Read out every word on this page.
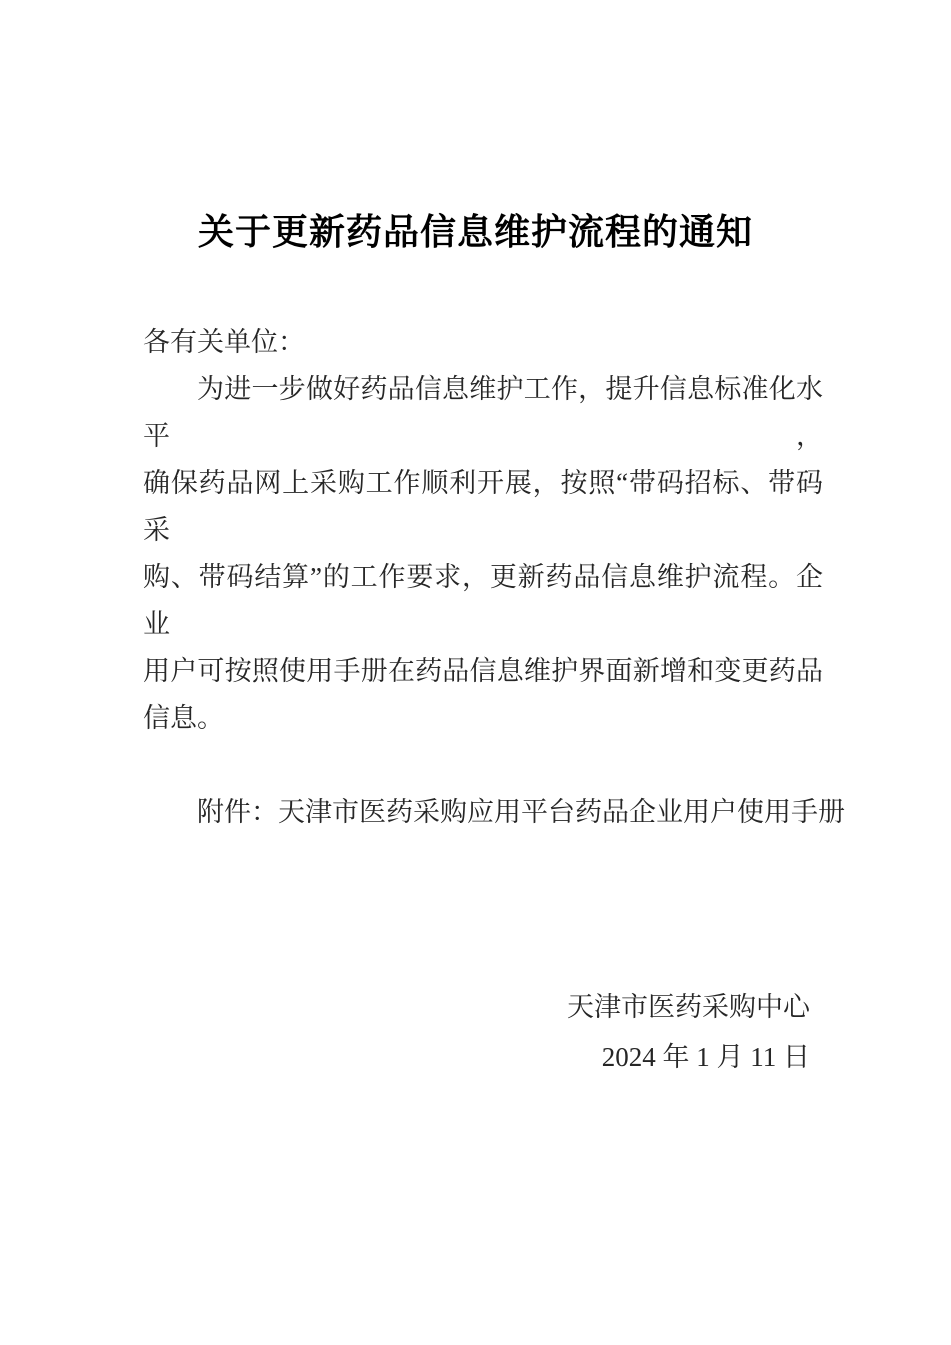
关于更新药品信息维护流程的通知
各有关单位：
为进一步做好药品信息维护工作，提升信息标准化水平，
确保药品网上采购工作顺利开展，按照“带码招标、带码采
购、带码结算”的工作要求，更新药品信息维护流程。企业
用户可按照使用手册在药品信息维护界面新增和变更药品
信息。
附件：天津市医药采购应用平台药品企业用户使用手册
天津市医药采购中心
2024 年 1 月 11 日
